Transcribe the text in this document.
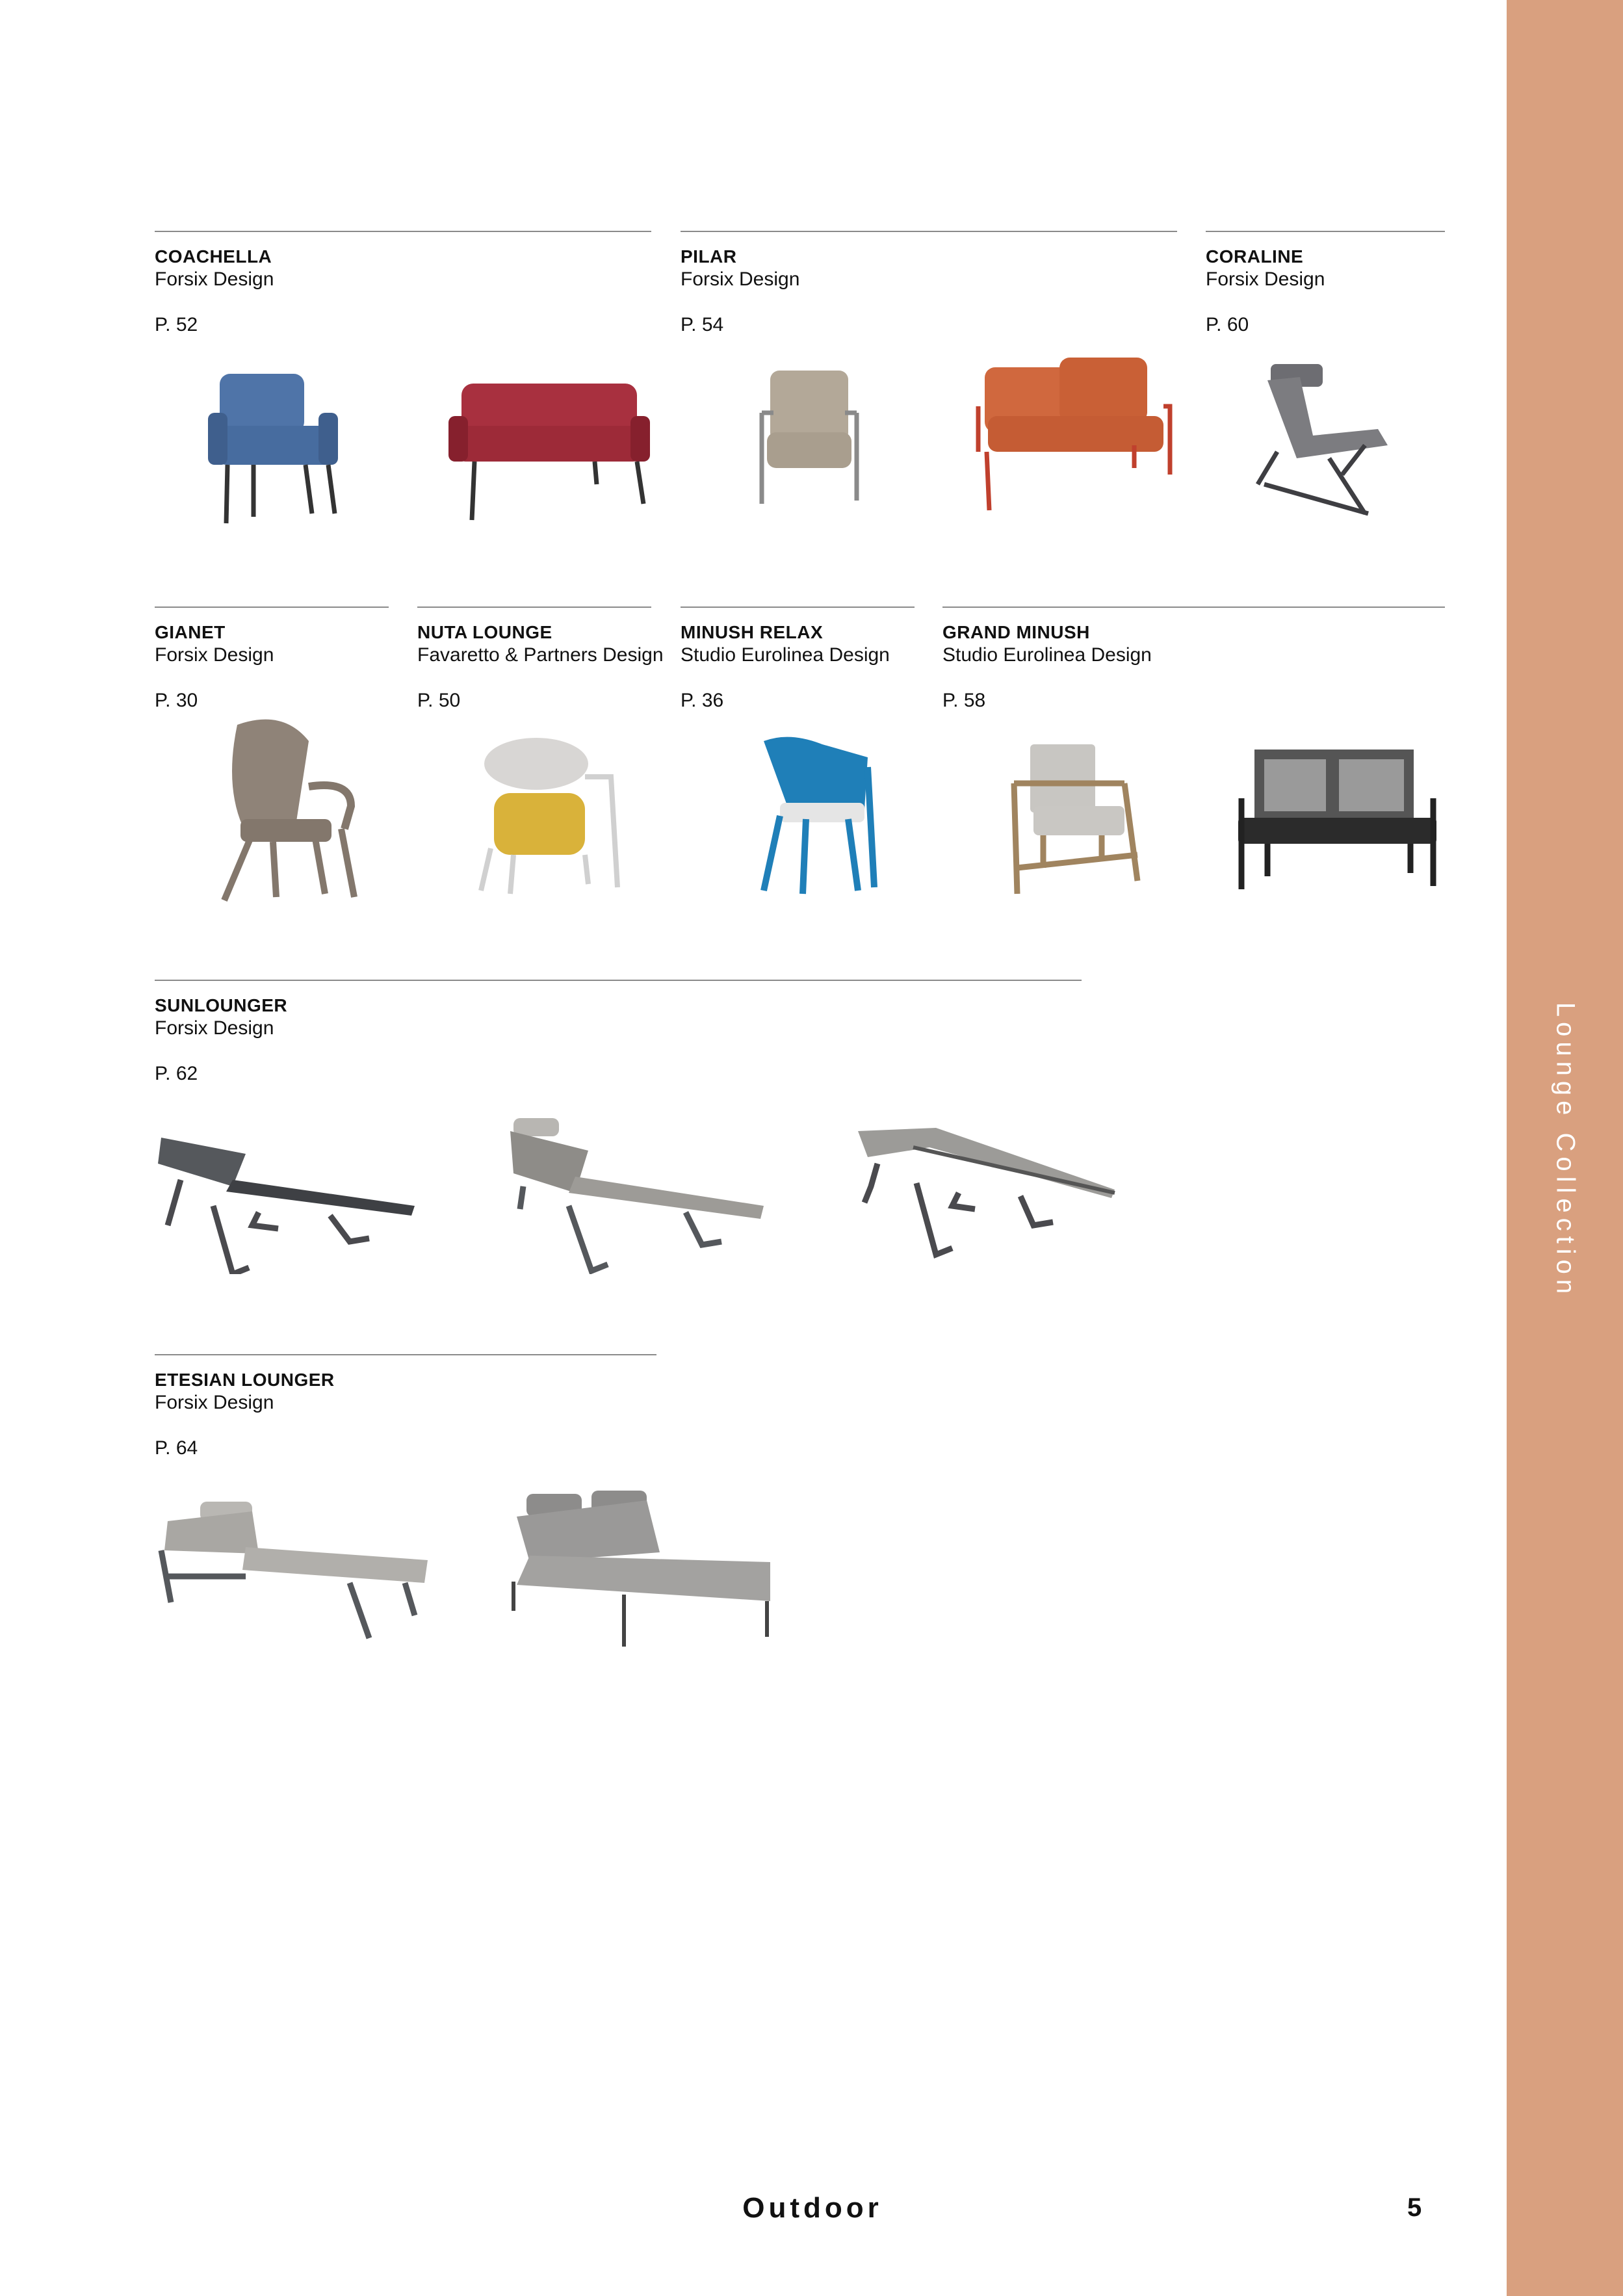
Lounge Collection
COACHELLA
Forsix Design
P. 52
PILAR
Forsix Design
P. 54
CORALINE
Forsix Design
P. 60
GIANET
Forsix Design
P. 30
NUTA LOUNGE
Favaretto & Partners Design
P. 50
MINUSH RELAX
Studio Eurolinea Design
P. 36
GRAND MINUSH
Studio Eurolinea Design
P. 58
SUNLOUNGER
Forsix Design
P. 62
ETESIAN LOUNGER
Forsix Design
P. 64
Outdoor	5
